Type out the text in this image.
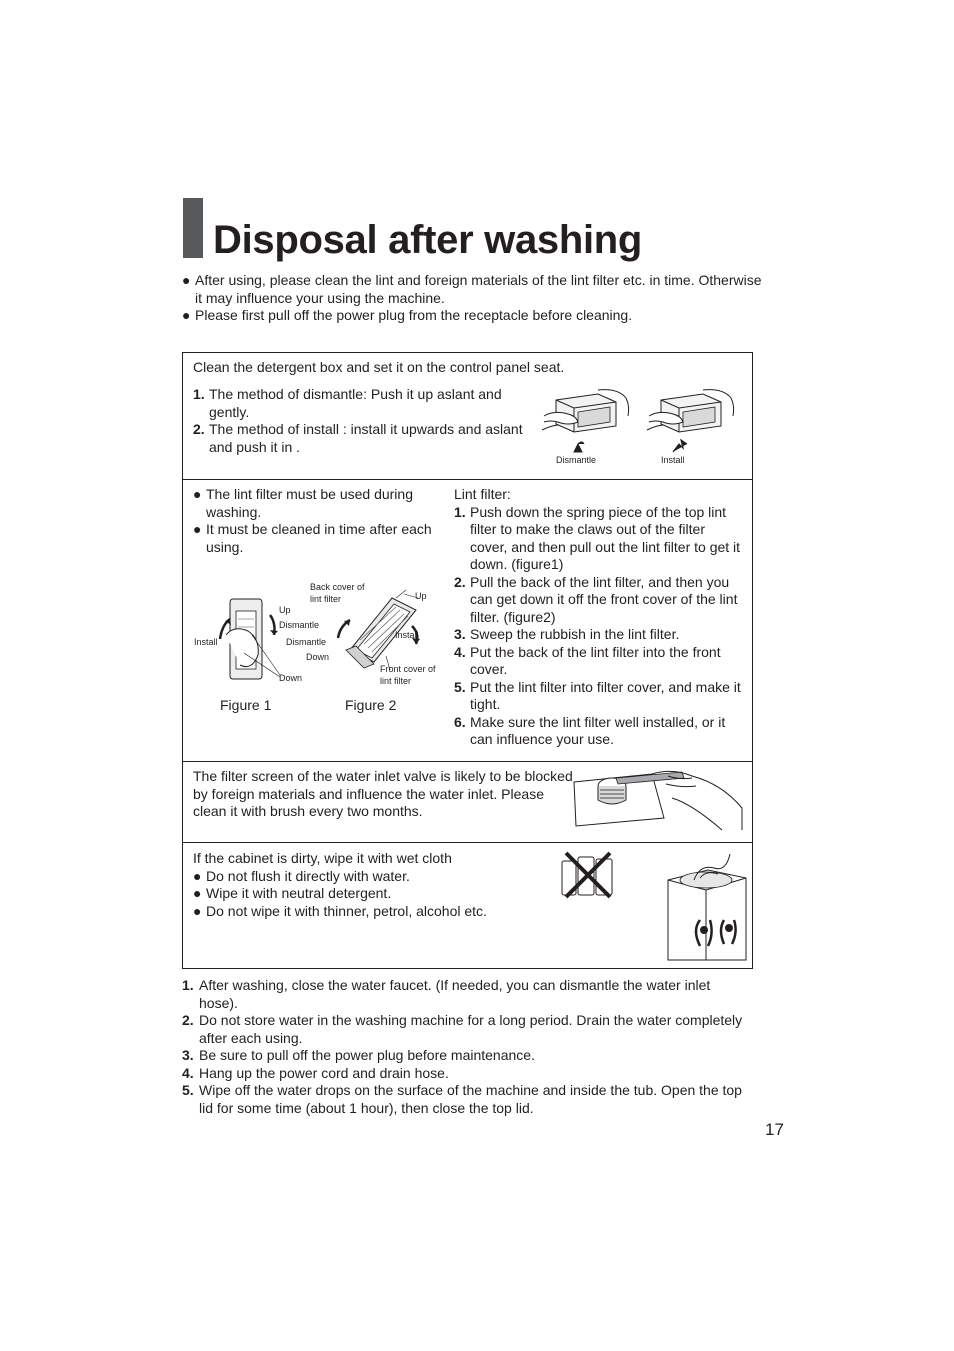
Disposal after washing

● After using, please clean the lint and foreign materials of the lint filter etc. in time. Otherwise it may influence your using the machine.

● Please first pull off the power plug from the receptacle before cleaning.

Clean the detergent box and set it on the control panel seat.
1. The method of dismantle: Push it up aslant and gently.
2. The method of install : install it upwards and aslant and push it in .
Dismantle	Install
● The lint filter must be used during washing.
● It must be cleaned in time after each using.
Back cover of lint filter
Up
Up
Dismantle
Dismantle
Install
Install
Down
Down
Front cover of lint filter
Figure 1	Figure 2
Lint filter:
1. Push down the spring piece of the top lint filter to make the claws out of the filter cover, and then pull out the lint filter to get it down. (figure1)
2. Pull the back of the lint filter, and then you can get down it off the front cover of the lint filter. (figure2)
3. Sweep the rubbish in the lint filter.
4. Put the back of the lint filter into the front cover.
5. Put the lint filter into filter cover, and make it tight.
6. Make sure the lint filter well installed, or it can influence your use.
The filter screen of the water inlet valve is likely to be blocked by foreign materials and influence the water inlet. Please clean it with brush every two months.
If the cabinet is dirty, wipe it with wet cloth
● Do not flush it directly with water.
● Wipe it with neutral detergent.
● Do not wipe it with thinner, petrol, alcohol etc.
1. After washing, close the water faucet. (If needed, you can dismantle the water inlet hose).
2. Do not store water in the washing machine for a long period. Drain the water completely after each using.
3. Be sure to pull off the power plug before maintenance.
4. Hang up the power cord and drain hose.
5. Wipe off the water drops on the surface of the machine and inside the tub. Open the top lid for some time (about 1 hour), then close the top lid.
17
